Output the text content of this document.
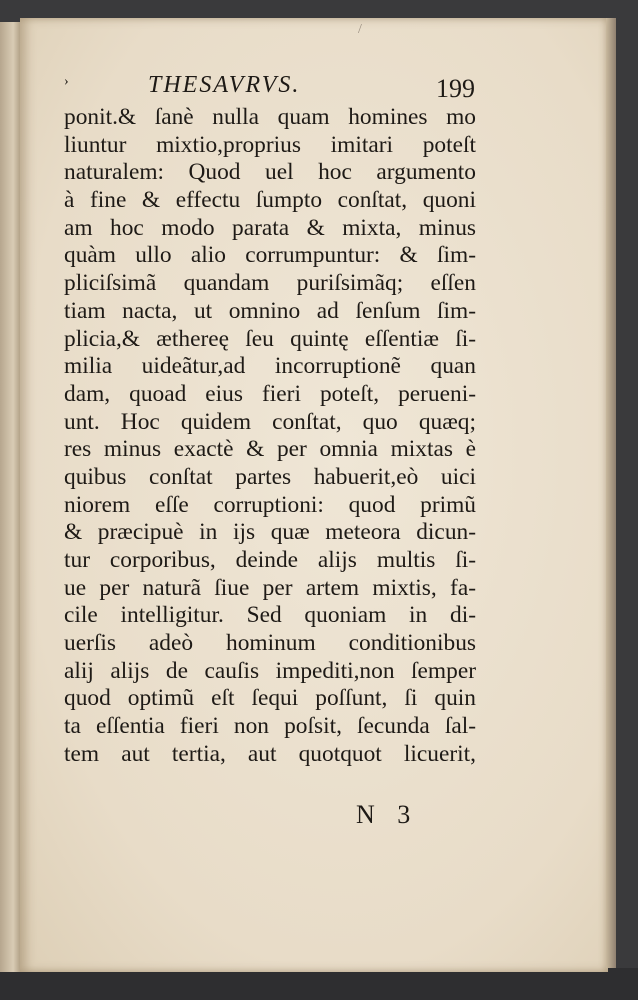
/
›	THESAVRVS.	199
ponit.& ſanè nulla quam homines mo
liuntur mixtio,proprius imitari poteſt
naturalem: Quod uel hoc argumento
à fine & effectu ſumpto conſtat, quoni
am hoc modo parata & mixta, minus
quàm ullo alio corrumpuntur: & ſim-
pliciſsimã quandam puriſsimãq; eſſen
tiam nacta, ut omnino ad ſenſum ſim-
plicia,& æthereę ſeu quintę eſſentiæ ſi-
milia uideãtur,ad incorruptionẽ quan
dam, quoad eius fieri poteſt, perueni-
unt. Hoc quidem conſtat, quo quæq;
res minus exactè & per omnia mixtas è
quibus conſtat partes habuerit,eò uici
niorem eſſe corruptioni: quod primũ
& præcipuè in ijs quæ meteora dicun-
tur corporibus, deinde alijs multis ſi-
ue per naturã ſiue per artem mixtis, fa-
cile intelligitur. Sed quoniam in di-
uerſis adeò hominum conditionibus
alij alijs de cauſis impediti,non ſemper
quod optimũ eſt ſequi poſſunt, ſi quin
ta eſſentia fieri non poſsit, ſecunda ſal-
tem aut tertia, aut quotquot licuerit,
N 3
